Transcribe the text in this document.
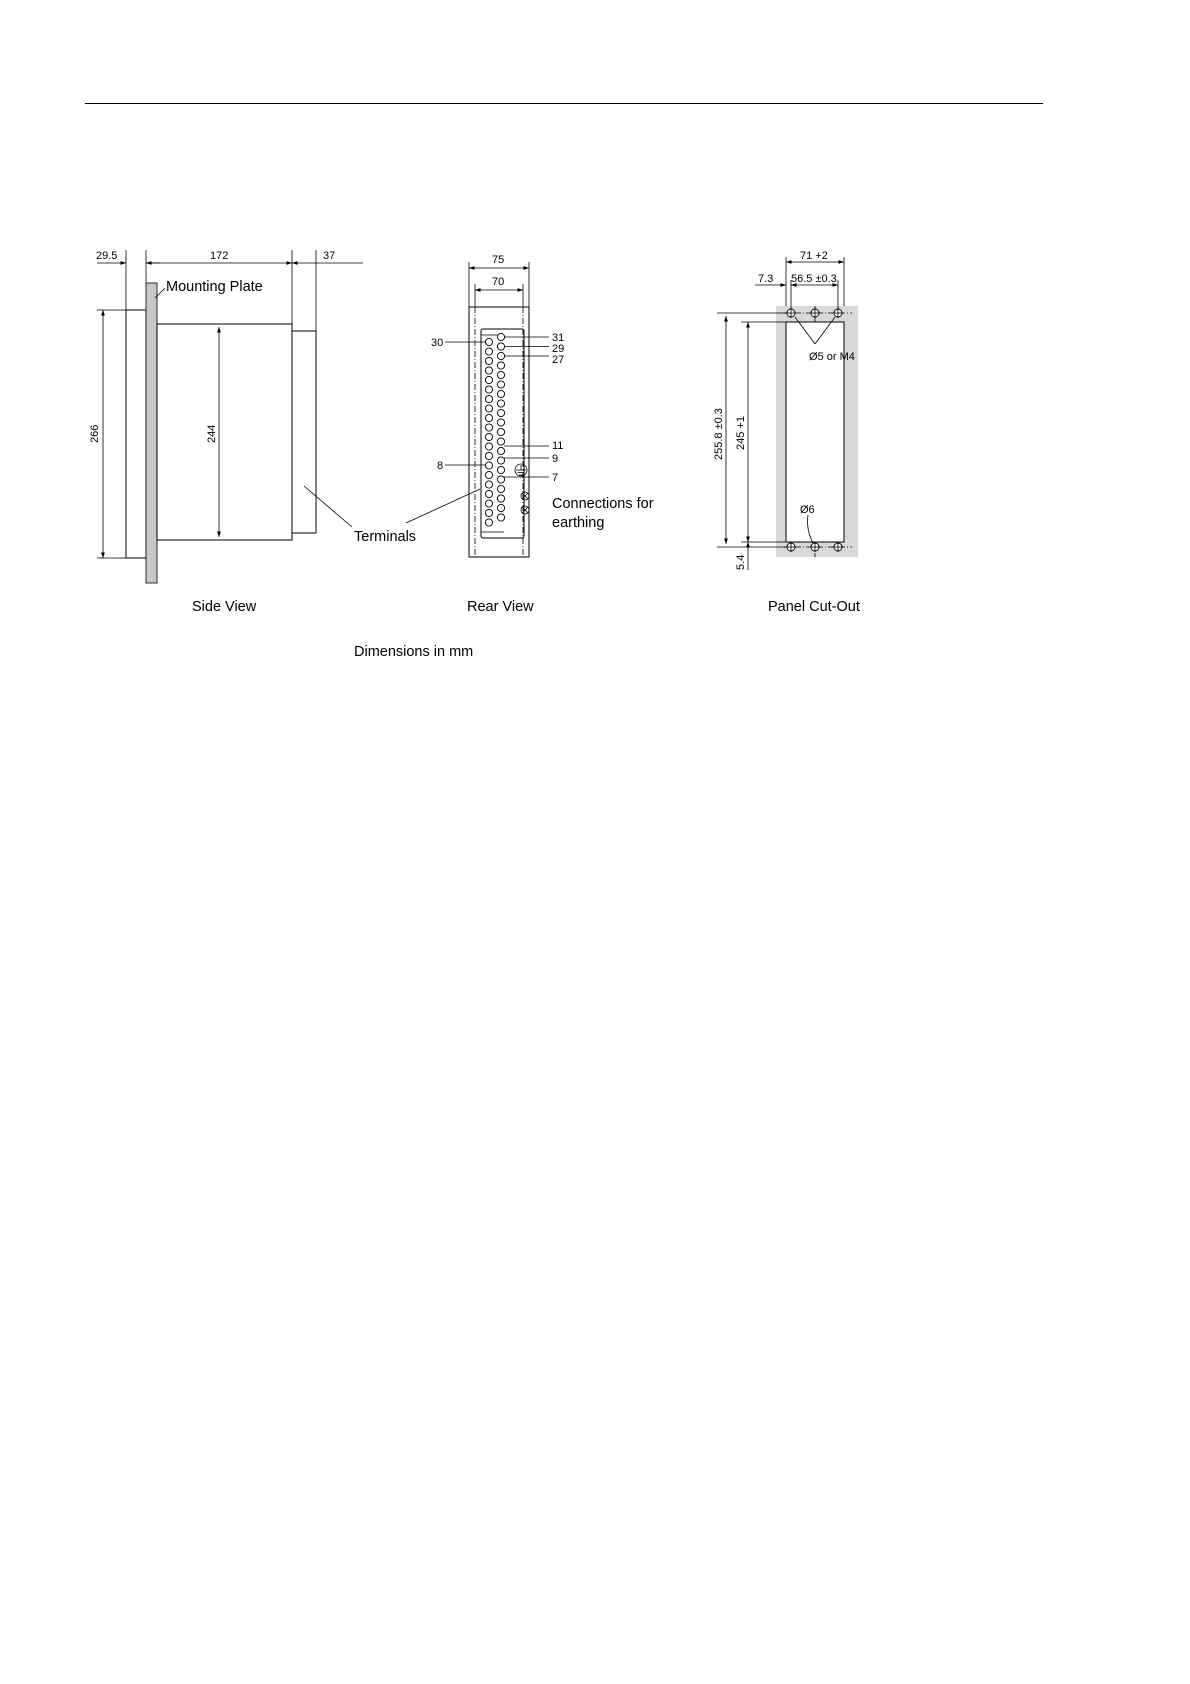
29.5	172	37
266	244
Mounting Plate
Terminals
Side View
75
70
30	31
29
27
11
9
8
7
Connections for
earthing
Rear View
Ø5 or M4
Ø6
71 +2
56.5 ±0.3
7.3
255.8 ±0.3 245 +1
5.4
Panel Cut-Out
Dimensions in mm
